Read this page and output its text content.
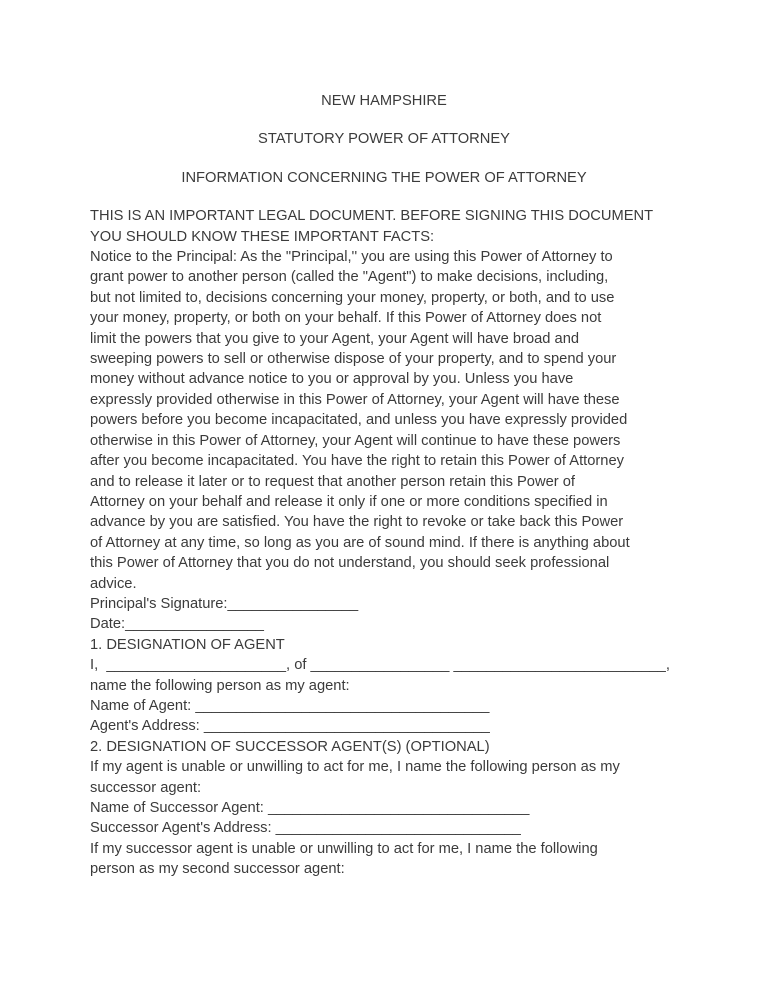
NEW HAMPSHIRE
STATUTORY POWER OF ATTORNEY
INFORMATION CONCERNING THE POWER OF ATTORNEY
THIS IS AN IMPORTANT LEGAL DOCUMENT. BEFORE SIGNING THIS DOCUMENT
YOU SHOULD KNOW THESE IMPORTANT FACTS:
Notice to the Principal: As the "Principal,'' you are using this Power of Attorney to
grant power to another person (called the "Agent") to make decisions, including,
but not limited to, decisions concerning your money, property, or both, and to use
your money, property, or both on your behalf. If this Power of Attorney does not
limit the powers that you give to your Agent, your Agent will have broad and
sweeping powers to sell or otherwise dispose of your property, and to spend your
money without advance notice to you or approval by you. Unless you have
expressly provided otherwise in this Power of Attorney, your Agent will have these
powers before you become incapacitated, and unless you have expressly provided
otherwise in this Power of Attorney, your Agent will continue to have these powers
after you become incapacitated. You have the right to retain this Power of Attorney
and to release it later or to request that another person retain this Power of
Attorney on your behalf and release it only if one or more conditions specified in
advance by you are satisfied. You have the right to revoke or take back this Power
of Attorney at any time, so long as you are of sound mind. If there is anything about
this Power of Attorney that you do not understand, you should seek professional
advice.
Principal's Signature:________________
Date:_________________
1. DESIGNATION OF AGENT
I,  ______________________, of _________________ __________________________,
name the following person as my agent:
Name of Agent: ____________________________________
Agent's Address: ___________________________________
2. DESIGNATION OF SUCCESSOR AGENT(S) (OPTIONAL)
If my agent is unable or unwilling to act for me, I name the following person as my
successor agent:
Name of Successor Agent: ________________________________
Successor Agent's Address: ______________________________
If my successor agent is unable or unwilling to act for me, I name the following
person as my second successor agent:
